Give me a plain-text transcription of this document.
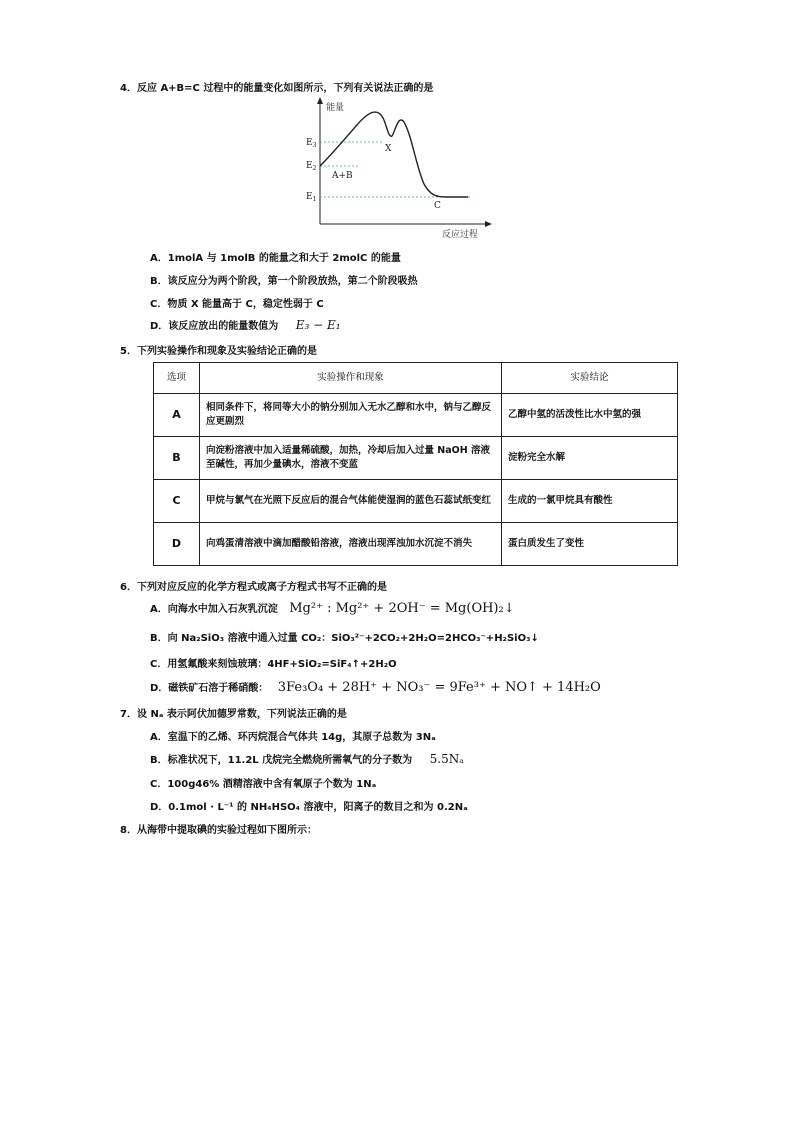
4．反应 A+B=C 过程中的能量变化如图所示，下列有关说法正确的是
能量
反应过程
$E_3$
$E_2$
$E_1$
X
A+B
C
A．1molA 与 1molB 的能量之和大于 2molC 的能量
B．该反应分为两个阶段，第一个阶段放热，第二个阶段吸热
C．物质 X 能量高于 C，稳定性弱于 C
D．该反应放出的能量数值为 E₃ − E₁
5．下列实验操作和现象及实验结论正确的是
选项	实验操作和现象	实验结论
A	相同条件下，将同等大小的钠分别加入无水乙醇和水中，钠与乙醇反应更剧烈	乙醇中氢的活泼性比水中氢的强
B	向淀粉溶液中加入适量稀硫酸，加热，冷却后加入过量 NaOH 溶液至碱性，再加少量碘水，溶液不变蓝	淀粉完全水解
C	甲烷与氯气在光照下反应后的混合气体能使湿润的蓝色石蕊试纸变红	生成的一氯甲烷具有酸性
D	向鸡蛋清溶液中滴加醋酸铅溶液，溶液出现浑浊加水沉淀不消失	蛋白质发生了变性
6．下列对应反应的化学方程式或离子方程式书写不正确的是
A．向海水中加入石灰乳沉淀 Mg²⁺ : Mg²⁺ + 2OH⁻ = Mg(OH)₂↓
B．向 Na₂SiO₃ 溶液中通入过量 CO₂：SiO₃²⁻+2CO₂+2H₂O=2HCO₃⁻+H₂SiO₃↓
C．用氢氟酸来刻蚀玻璃：4HF+SiO₂=SiF₄↑+2H₂O
D．磁铁矿石溶于稀硝酸： 3Fe₃O₄ + 28H⁺ + NO₃⁻ = 9Fe³⁺ + NO↑ + 14H₂O
7．设 Nₐ 表示阿伏加德罗常数，下列说法正确的是
A．室温下的乙烯、环丙烷混合气体共 14g，其原子总数为 3Nₐ
B．标准状况下，11.2L 戊烷完全燃烧所需氧气的分子数为 5.5Nₐ
C．100g46% 酒精溶液中含有氧原子个数为 1Nₐ
D．0.1mol · L⁻¹ 的 NH₄HSO₄ 溶液中，阳离子的数目之和为 0.2Nₐ
8．从海带中提取碘的实验过程如下图所示：
